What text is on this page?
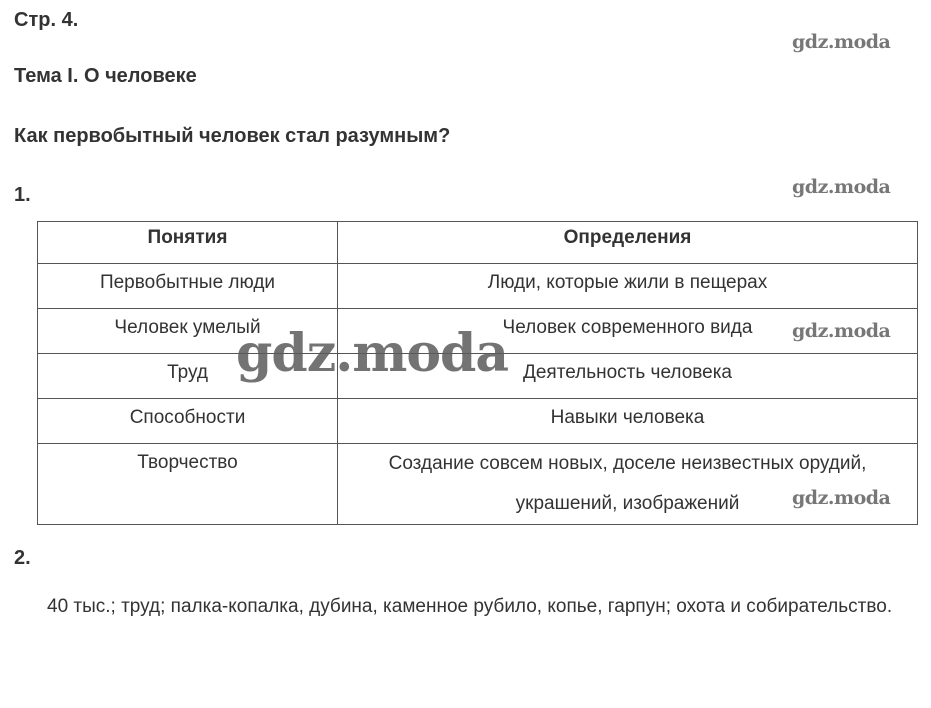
Стр. 4.
Тема I. О человеке
Как первобытный человек стал разумным?
1.
Понятия	Определения
Первобытные люди	Люди, которые жили в пещерах
Человек умелый	Человек современного вида
Труд	Деятельность человека
Способности	Навыки человека
Творчество	Создание совсем новых, доселе неизвестных орудий, украшений, изображений
2.
40 тыс.; труд; палка-копалка, дубина, каменное рубило, копье, гарпун; охота и собирательство.
gdz.moda
gdz.moda
gdz.moda
gdz.moda
gdz.moda
